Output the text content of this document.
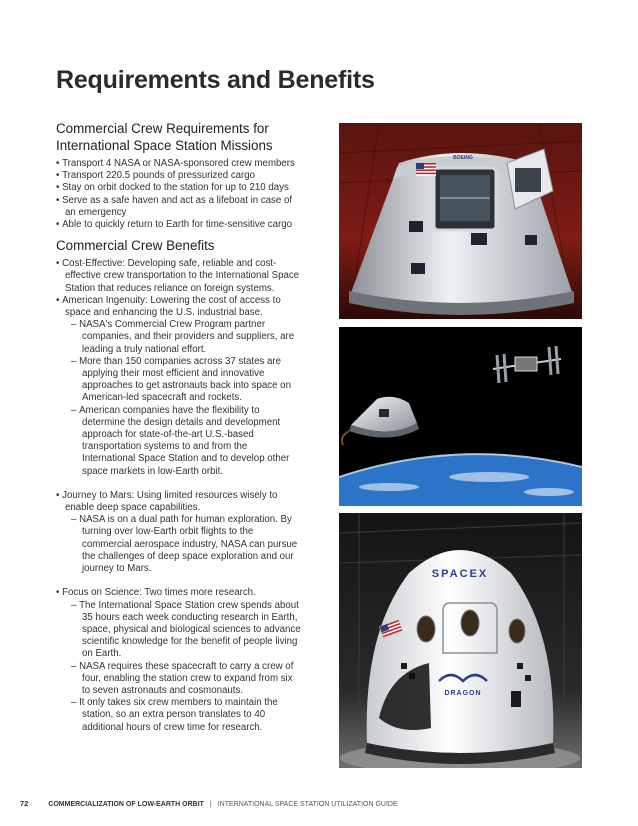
Requirements and Benefits
Commercial Crew Requirements for International Space Station Missions
• Transport 4 NASA or NASA-sponsored crew members
• Transport 220.5 pounds of pressurized cargo
• Stay on orbit docked to the station for up to 210 days
• Serve as a safe haven and act as a lifeboat in case of an emergency
• Able to quickly return to Earth for time-sensitive cargo
Commercial Crew Benefits
• Cost-Effective: Developing safe, reliable and cost-effective crew transportation to the International Space Station that reduces reliance on foreign systems.
• American Ingenuity: Lowering the cost of access to space and enhancing the U.S. industrial base.
– NASA's Commercial Crew Program partner companies, and their providers and suppliers, are leading a truly national effort.
– More than 150 companies across 37 states are applying their most efficient and innovative approaches to get astronauts back into space on American-led spacecraft and rockets.
– American companies have the flexibility to determine the design details and development approach for state-of-the-art U.S.-based transportation systems to and from the International Space Station and to develop other space markets in low-Earth orbit.
• Journey to Mars: Using limited resources wisely to enable deep space capabilities.
– NASA is on a dual path for human exploration. By turning over low-Earth orbit flights to the commercial aerospace industry, NASA can pursue the challenges of deep space exploration and our journey to Mars.
• Focus on Science: Two times more research.
– The International Space Station crew spends about 35 hours each week conducting research in Earth, space, physical and biological sciences to advance scientific knowledge for the benefit of people living on Earth.
– NASA requires these spacecraft to carry a crew of four, enabling the station crew to expand from six to seven astronauts and cosmonauts.
– It only takes six crew members to maintain the station, so an extra person translates to 40 additional hours of crew time for research.
BOEING
SPACEX
DRAGON
72	COMMERCIALIZATION OF LOW-EARTH ORBIT | INTERNATIONAL SPACE STATION UTILIZATION GUIDE
